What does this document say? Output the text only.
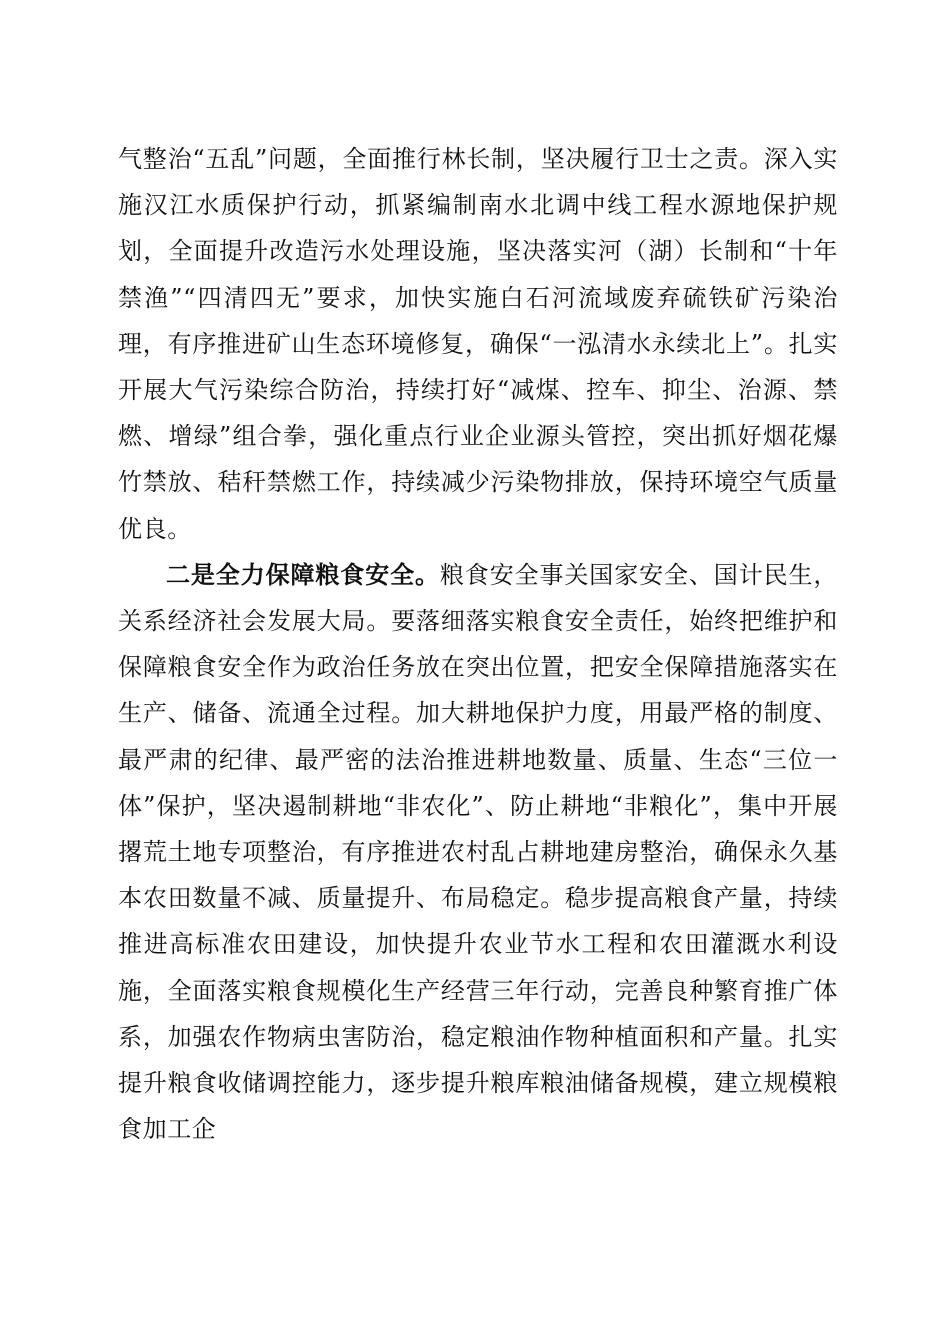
气整治“五乱”问题，全面推行林长制，坚决履行卫士之责。深入实施汉江水质保护行动，抓紧编制南水北调中线工程水源地保护规划，全面提升改造污水处理设施，坚决落实河（湖）长制和“十年禁渔”“四清四无”要求，加快实施白石河流域废弃硫铁矿污染治理，有序推进矿山生态环境修复，确保“一泓清水永续北上”。扎实开展大气污染综合防治，持续打好“减煤、控车、抑尘、治源、禁燃、增绿”组合拳，强化重点行业企业源头管控，突出抓好烟花爆竹禁放、秸秆禁燃工作，持续减少污染物排放，保持环境空气质量优良。

二是全力保障粮食安全。粮食安全事关国家安全、国计民生，关系经济社会发展大局。要落细落实粮食安全责任，始终把维护和保障粮食安全作为政治任务放在突出位置，把安全保障措施落实在生产、储备、流通全过程。加大耕地保护力度，用最严格的制度、最严肃的纪律、最严密的法治推进耕地数量、质量、生态“三位一体”保护，坚决遏制耕地“非农化”、防止耕地“非粮化”，集中开展撂荒土地专项整治，有序推进农村乱占耕地建房整治，确保永久基本农田数量不减、质量提升、布局稳定。稳步提高粮食产量，持续推进高标准农田建设，加快提升农业节水工程和农田灌溉水利设施，全面落实粮食规模化生产经营三年行动，完善良种繁育推广体系，加强农作物病虫害防治，稳定粮油作物种植面积和产量。扎实提升粮食收储调控能力，逐步提升粮库粮油储备规模，建立规模粮食加工企
